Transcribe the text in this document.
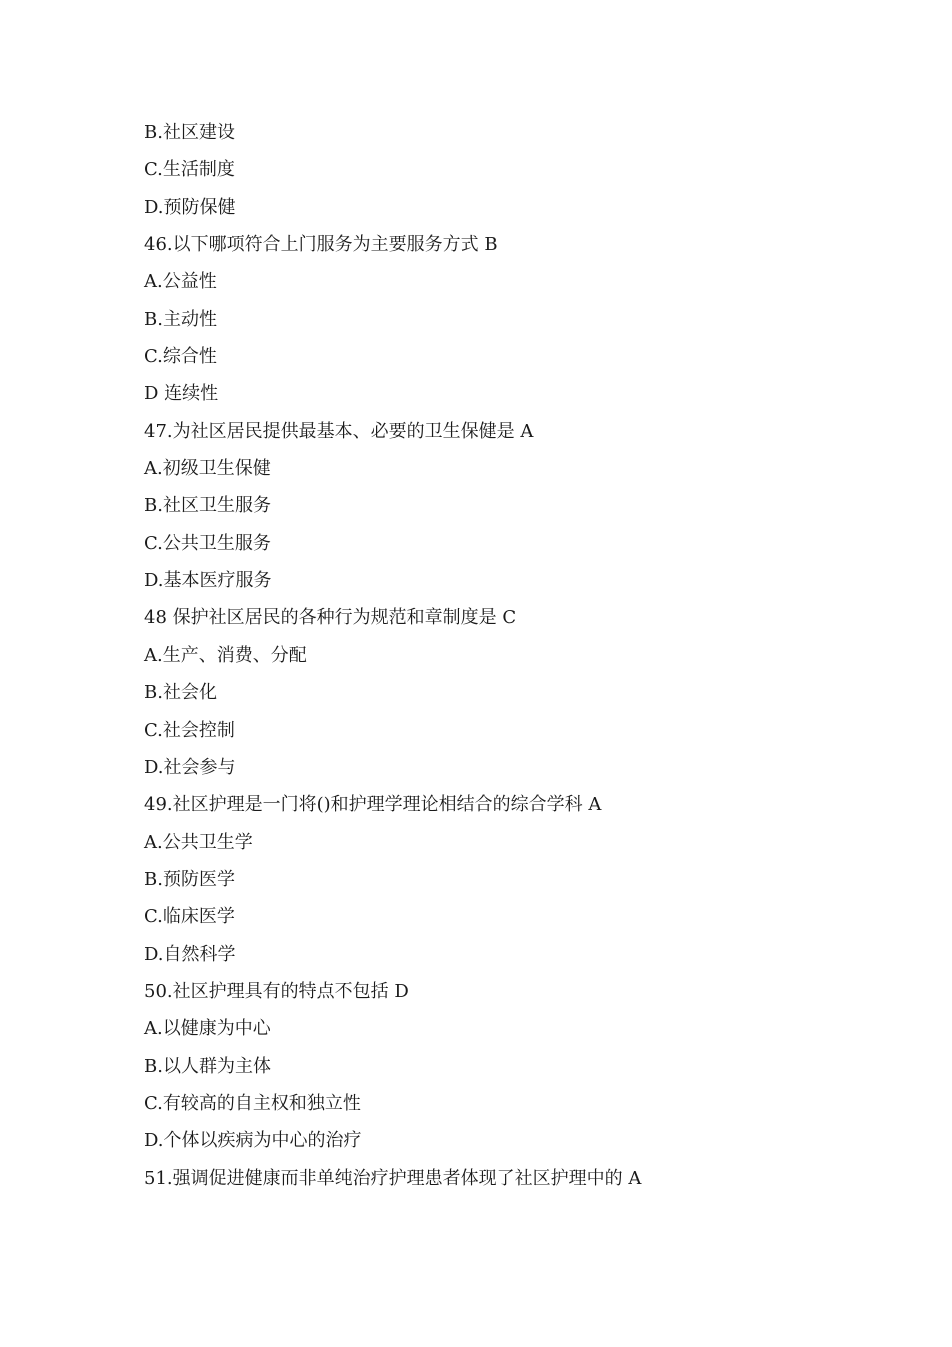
B.社区建设
C.生活制度
D.预防保健
46.以下哪项符合上门服务为主要服务方式 B
A.公益性
B.主动性
C.综合性
D 连续性
47.为社区居民提供最基本、必要的卫生保健是 A
A.初级卫生保健
B.社区卫生服务
C.公共卫生服务
D.基本医疗服务
48 保护社区居民的各种行为规范和章制度是 C
A.生产、消费、分配
B.社会化
C.社会控制
D.社会参与
49.社区护理是一门将()和护理学理论相结合的综合学科 A
A.公共卫生学
B.预防医学
C.临床医学
D.自然科学
50.社区护理具有的特点不包括 D
A.以健康为中心
B.以人群为主体
C.有较高的自主权和独立性
D.个体以疾病为中心的治疗
51.强调促进健康而非单纯治疗护理患者体现了社区护理中的 A
